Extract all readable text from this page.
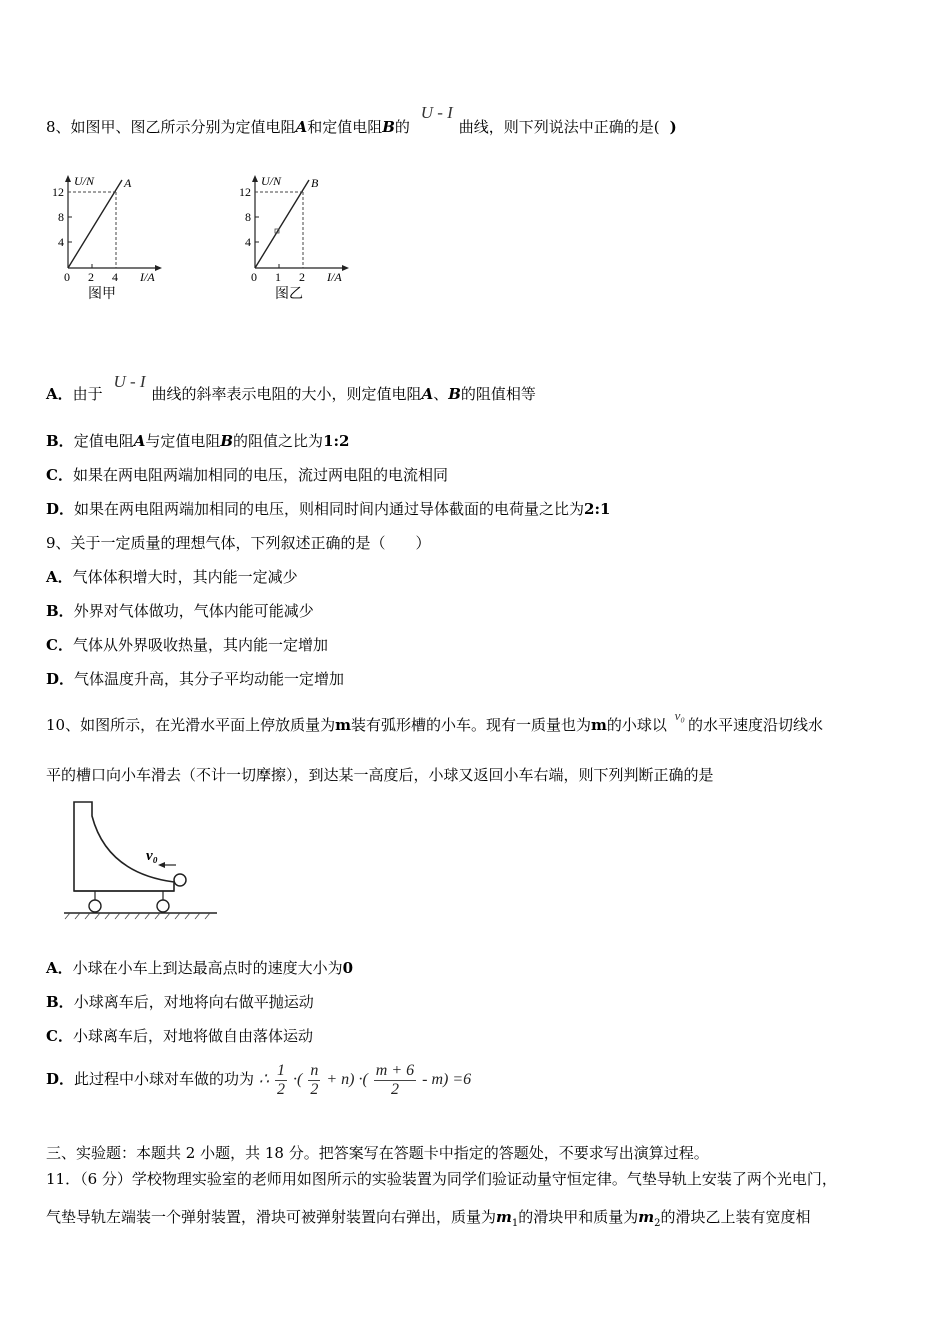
8、如图甲、图乙所示分别为定值电阻A和定值电阻B的 U - I曲线，则下列说法中正确的是( )
U/N A
12
8
4
0 2 4 I/A
图甲
U/N B
12
8
4
0 1 2 I/A
图乙
A．由于 U - I曲线的斜率表示电阻的大小，则定值电阻A、B的阻值相等
B．定值电阻A与定值电阻B的阻值之比为1:2
C．如果在两电阻两端加相同的电压，流过两电阻的电流相同
D．如果在两电阻两端加相同的电压，则相同时间内通过导体截面的电荷量之比为2:1
9、关于一定质量的理想气体，下列叙述正确的是（　　）
A．气体体积增大时，其内能一定减少
B．外界对气体做功，气体内能可能减少
C．气体从外界吸收热量，其内能一定增加
D．气体温度升高，其分子平均动能一定增加
10、如图所示，在光滑水平面上停放质量为m装有弧形槽的小车。现有一质量也为m的小球以 v₀的水平速度沿切线水
平的槽口向小车滑去（不计一切摩擦），到达某一高度后，小球又返回小车右端，则下列判断正确的是
v₀
A．小球在小车上到达最高点时的速度大小为0
B．小球离车后，对地将向右做平抛运动
C．小球离车后，对地将做自由落体运动
D．此过程中小球对车做的功为 ∴ $\frac{1}{2}$ ·( $\frac{n}{2} + n$) ·( $\frac{m + 6}{2} - m) =6$
三、实验题：本题共 2 小题，共 18 分。把答案写在答题卡中指定的答题处，不要求写出演算过程。
11．（6 分）学校物理实验室的老师用如图所示的实验装置为同学们验证动量守恒定律。气垫导轨上安装了两个光电门，
气垫导轨左端装一个弹射装置，滑块可被弹射装置向右弹出，质量为$m_1$的滑块甲和质量为$m_2$的滑块乙上装有宽度相
